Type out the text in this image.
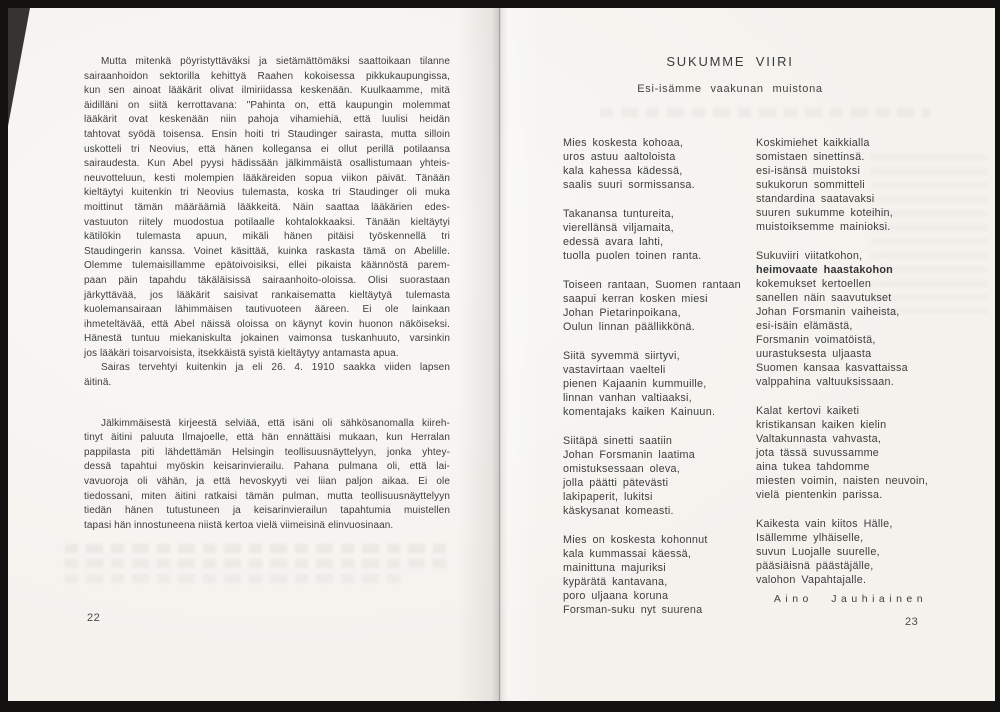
Mutta mitenkä pöyristyttäväksi ja sietämättömäksi saattoikaan tilanne
sairaanhoidon sektorilla kehittyä Raahen kokoisessa pikkukaupungissa,
kun sen ainoat lääkärit olivat ilmiriidassa keskenään. Kuulkaamme, mitä
äidilläni on siitä kerrottavana: "Pahinta on, että kaupungin molemmat
lääkärit ovat keskenään niin pahoja vihamiehiä, että luulisi heidän
tahtovat syödä toisensa. Ensin hoiti tri Staudinger sairasta, mutta silloin
uskotteli tri Neovius, että hänen kollegansa ei ollut perillä potilaansa
sairaudesta. Kun Abel pyysi hädissään jälkimmäistä osallistumaan yhteis-
neuvotteluun, kesti molempien lääkäreiden sopua viikon päivät. Tänään
kieltäytyi kuitenkin tri Neovius tulemasta, koska tri Staudinger oli muka
moittinut tämän määräämiä lääkkeitä. Näin saattaa lääkärien edes-
vastuuton riitely muodostua potilaalle kohtalokkaaksi. Tänään kieltäytyi
kätilökin tulemasta apuun, mikäli hänen pitäisi työskennellä tri
Staudingerin kanssa. Voinet käsittää, kuinka raskasta tämä on Abelille.
Olemme tulemaisillamme epätoivoisiksi, ellei pikaista käännöstä parem-
paan päin tapahdu täkäläisissä sairaanhoito-oloissa. Olisi suorastaan
järkyttävää, jos lääkärit saisivat rankaisematta kieltäytyä tulemasta
kuolemansairaan lähimmäisen tautivuoteen ääreen. Ei ole lainkaan
ihmeteltävää, että Abel näissä oloissa on käynyt kovin huonon näköiseksi.
Hänestä tuntuu miekaniskulta jokainen vaimonsa tuskanhuuto, varsinkin
jos lääkäri toisarvoisista, itsekkäistä syistä kieltäytyy antamasta apua.
Sairas tervehtyi kuitenkin ja eli 26. 4. 1910 saakka viiden lapsen
äitinä.
Jälkimmäisestä kirjeestä selviää, että isäni oli sähkösanomalla kiireh-
tinyt äitini paluuta Ilmajoelle, että hän ennättäisi mukaan, kun Herralan
pappilasta piti lähdettämän Helsingin teollisuusnäyttelyyn, jonka yhtey-
dessä tapahtui myöskin keisarinvierailu. Pahana pulmana oli, että lai-
vavuoroja oli vähän, ja että hevoskyyti vei liian paljon aikaa. Ei ole
tiedossani, miten äitini ratkaisi tämän pulman, mutta teollisuusnäyttelyyn
tiedän hänen tutustuneen ja keisarinvierailun tapahtumia muistellen
tapasi hän innostuneena niistä kertoa vielä viimeisinä elinvuosinaan.
22
SUKUMME VIIRI
Esi-isämme vaakunan muistona
Mies koskesta kohoaa,
uros astuu aaltoloista
kala kahessa kädessä,
saalis suuri sormissansa.
Takanansa tuntureita,
vierellänsä viljamaita,
edessä avara lahti,
tuolla puolen toinen ranta.
Toiseen rantaan, Suomen rantaan
saapui kerran kosken miesi
Johan Pietarinpoikana,
Oulun linnan päällikkönä.
Siitä syvemmä siirtyvi,
vastavirtaan vaelteli
pienen Kajaanin kummuille,
linnan vanhan valtiaaksi,
komentajaks kaiken Kainuun.
Siitäpä sinetti saatiin
Johan Forsmanin laatima
omistuksessaan oleva,
jolla päätti pätevästi
lakipaperit, lukitsi
käskysanat komeasti.
Mies on koskesta kohonnut
kala kummassai käessä,
mainittuna majuriksi
kypärätä kantavana,
poro uljaana koruna
Forsman-suku nyt suurena
Koskimiehet kaikkialla
somistaen sinettinsä.
esi-isänsä muistoksi
sukukorun sommitteli
standardina saatavaksi
suuren sukumme koteihin,
muistoiksemme mainioksi.
Sukuviiri viitatkohon,
heimovaate haastakohon
kokemukset kertoellen
sanellen näin saavutukset
Johan Forsmanin vaiheista,
esi-isäin elämästä,
Forsmanin voimatöistä,
uurastuksesta uljaasta
Suomen kansaa kasvattaissa
valppahina valtuuksissaan.
Kalat kertovi kaiketi
kristikansan kaiken kielin
Valtakunnasta vahvasta,
jota tässä suvussamme
aina tukea tahdomme
miesten voimin, naisten neuvoin,
vielä pientenkin parissa.
Kaikesta vain kiitos Hälle,
Isällemme ylhäiselle,
suvun Luojalle suurelle,
pääsiäisnä päästäjälle,
valohon Vapahtajalle.
Aino Jauhiainen
23
